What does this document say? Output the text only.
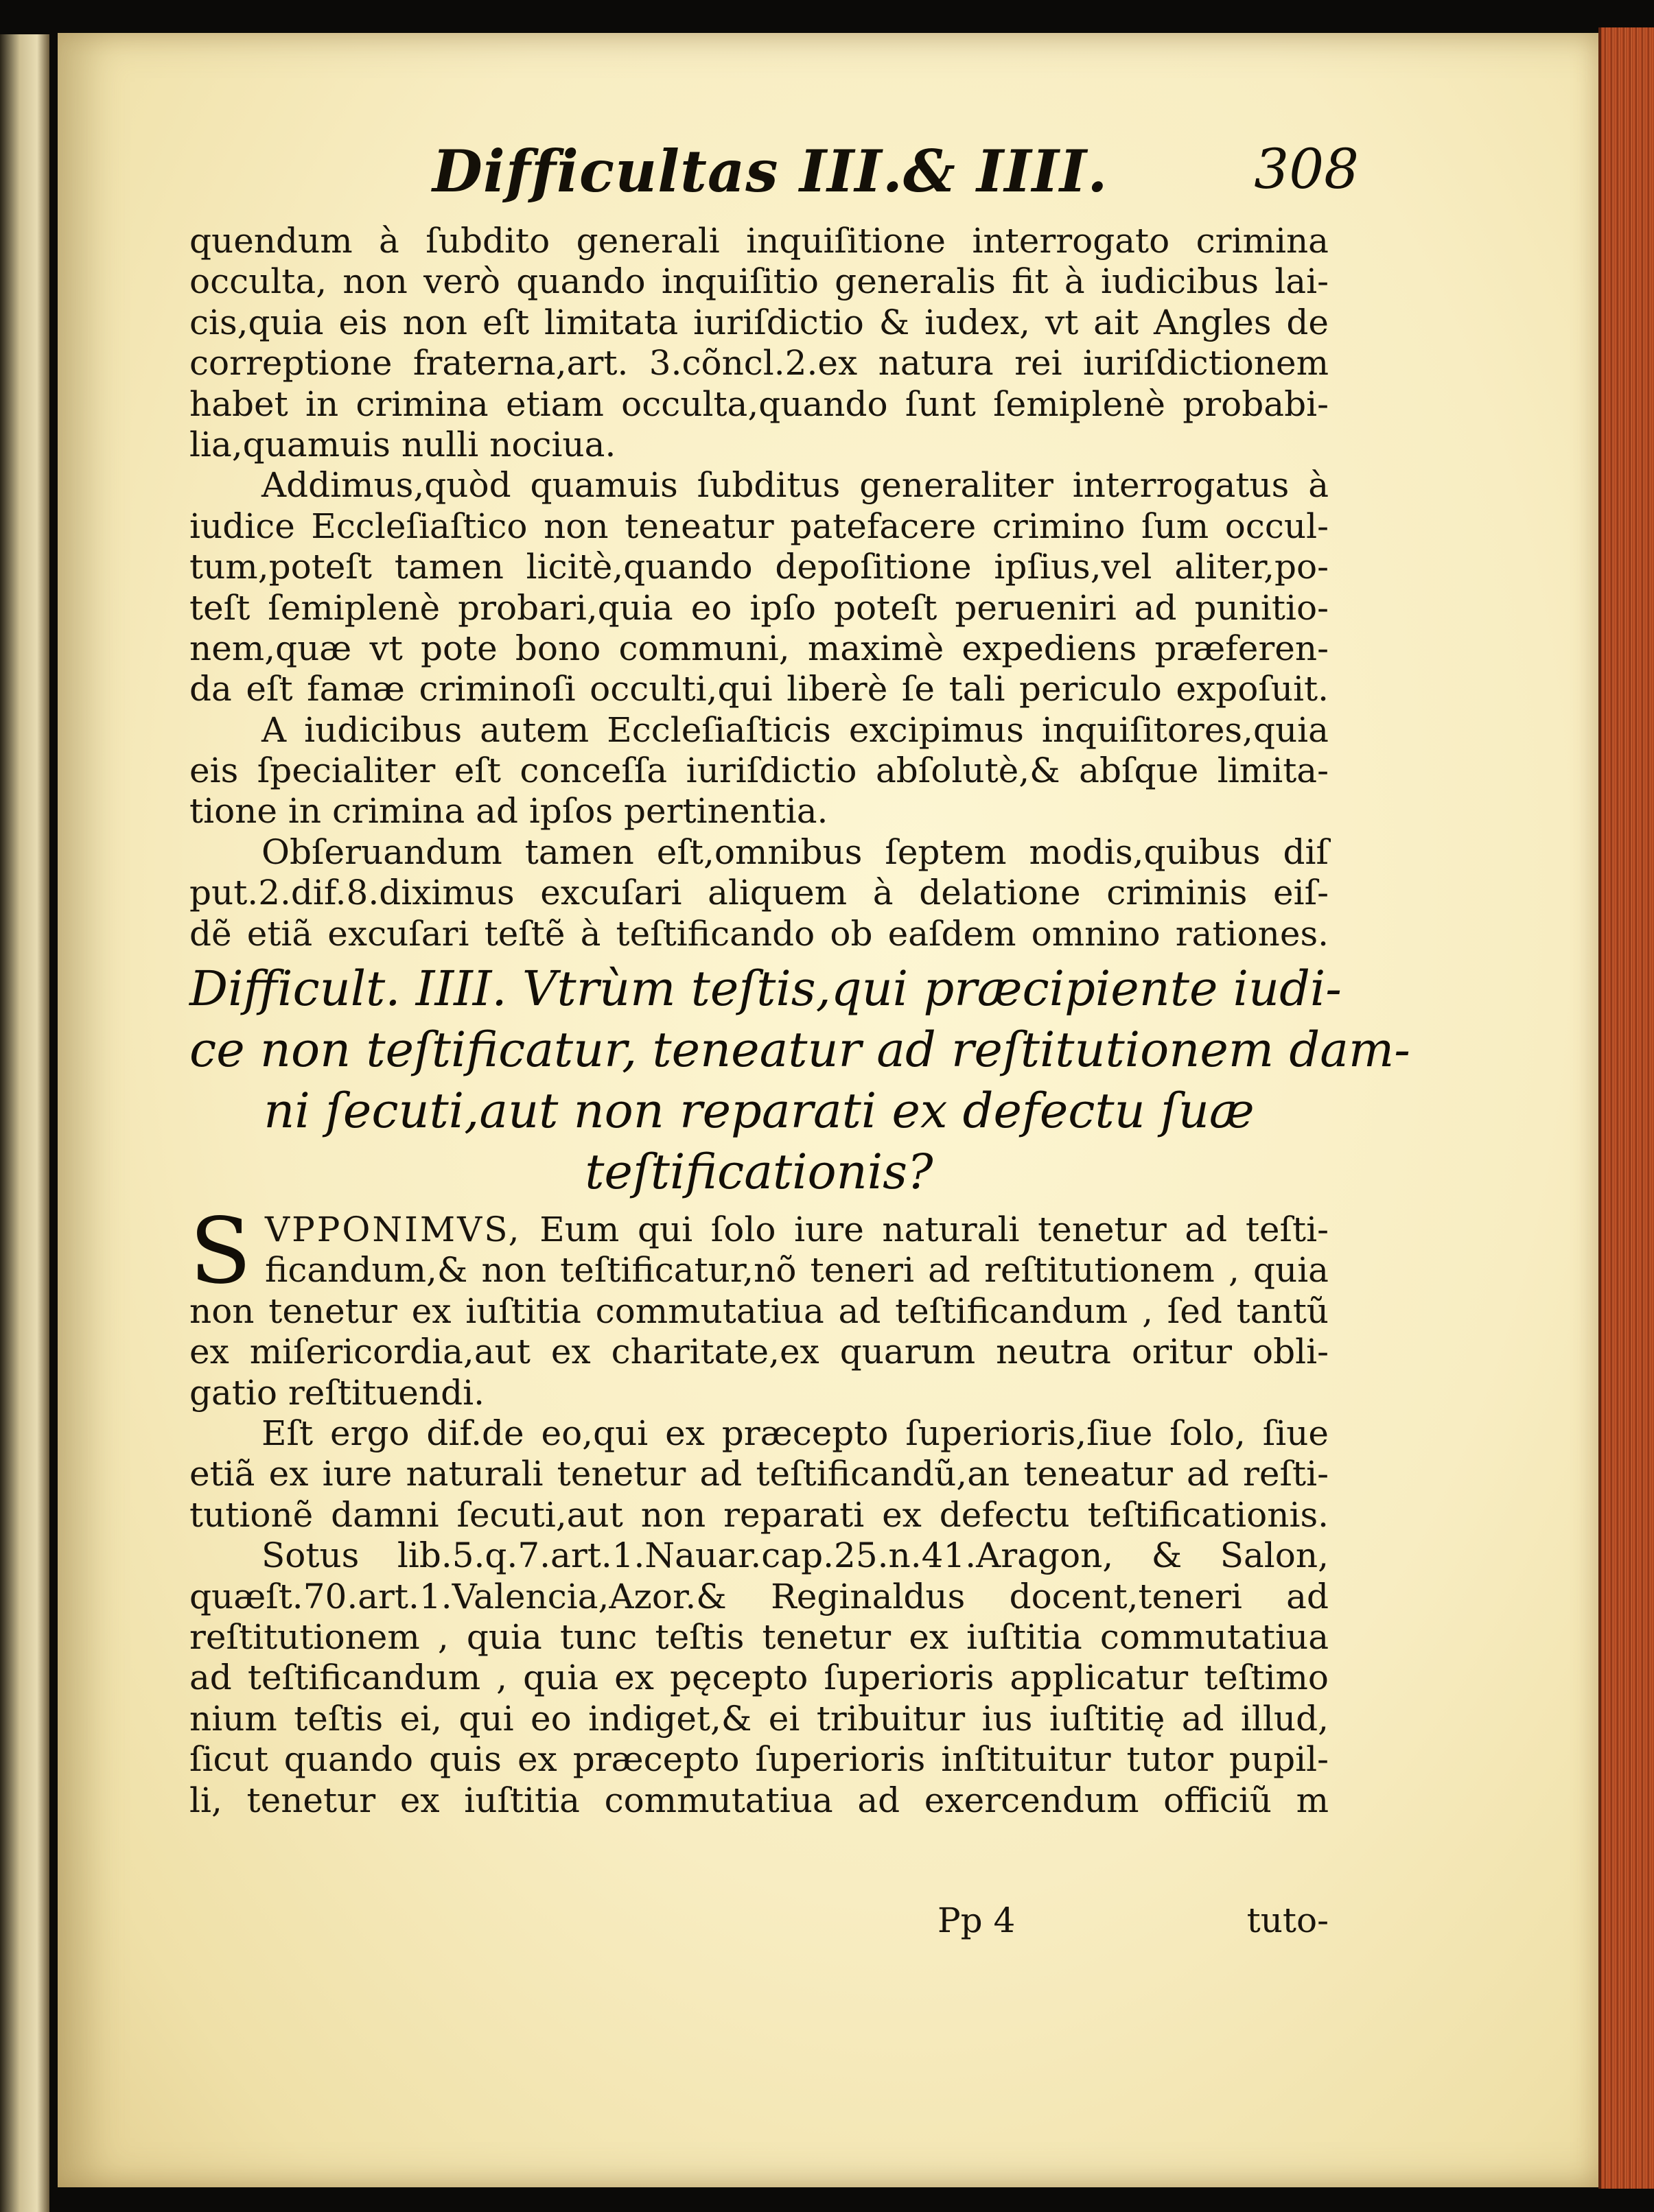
Difficultas III.& IIII.	308
quendum à ſubdito generali inquiſitione interrogato crimina
occulta, non verò quando inquiſitio generalis fit à iudicibus lai-
cis,quia eis non eſt limitata iuriſdictio & iudex, vt ait Angles de
correptione fraterna,art. 3.cõncl.2.ex natura rei iuriſdictionem
habet in crimina etiam occulta,quando ſunt ſemiplenè probabi-
lia,quamuis nulli nociua.
Addimus,quòd quamuis ſubditus generaliter interrogatus à
iudice Eccleſiaſtico non teneatur patefacere crimino ſum occul-
tum,poteſt tamen licitè,quando depoſitione ipſius,vel aliter,po-
teſt ſemiplenè probari,quia eo ipſo poteſt perueniri ad punitio-
nem,quæ vt pote bono communi, maximè expediens præferen-
da eſt famæ criminoſi occulti,qui liberè ſe tali periculo expoſuit.
A iudicibus autem Eccleſiaſticis excipimus inquiſitores,quia
eis ſpecialiter eſt conceſſa iuriſdictio abſolutè,& abſque limita-
tione in crimina ad ipſos pertinentia.
Obſeruandum tamen eſt,omnibus ſeptem modis,quibus diſ
put.2.dif.8.diximus excuſari aliquem à delatione criminis eiſ-
dẽ etiã excuſari teſtẽ à teſtificando ob eaſdem omnino rationes.
Difficult. IIII. Vtrùm teſtis,qui præcipiente iudi-
ce non teſtificatur, teneatur ad reſtitutionem dam-
ni ſecuti,aut non reparati ex defectu ſuæ
teſtificationis?
S VPPONIMVS, Eum qui ſolo iure naturali tenetur ad teſti-
ficandum,& non teſtificatur,nõ teneri ad reſtitutionem , quia
non tenetur ex iuſtitia commutatiua ad teſtificandum , ſed tantũ
ex miſericordia,aut ex charitate,ex quarum neutra oritur obli-
gatio reſtituendi.
Eſt ergo dif.de eo,qui ex præcepto ſuperioris,ſiue ſolo, ſiue
etiã ex iure naturali tenetur ad teſtificandũ,an teneatur ad reſti-
tutionẽ damni ſecuti,aut non reparati ex defectu teſtificationis.
Sotus lib.5.q.7.art.1.Nauar.cap.25.n.41.Aragon, & Salon,
quæſt.70.art.1.Valencia,Azor.& Reginaldus docent,teneri ad
reſtitutionem , quia tunc teſtis tenetur ex iuſtitia commutatiua
ad teſtificandum , quia ex pęcepto ſuperioris applicatur teſtimo
nium teſtis ei, qui eo indiget,& ei tribuitur ius iuſtitię ad illud,
ſicut quando quis ex præcepto ſuperioris inſtituitur tutor pupil-
li, tenetur ex iuſtitia commutatiua ad exercendum officiũ m
Pp 4	tuto-
